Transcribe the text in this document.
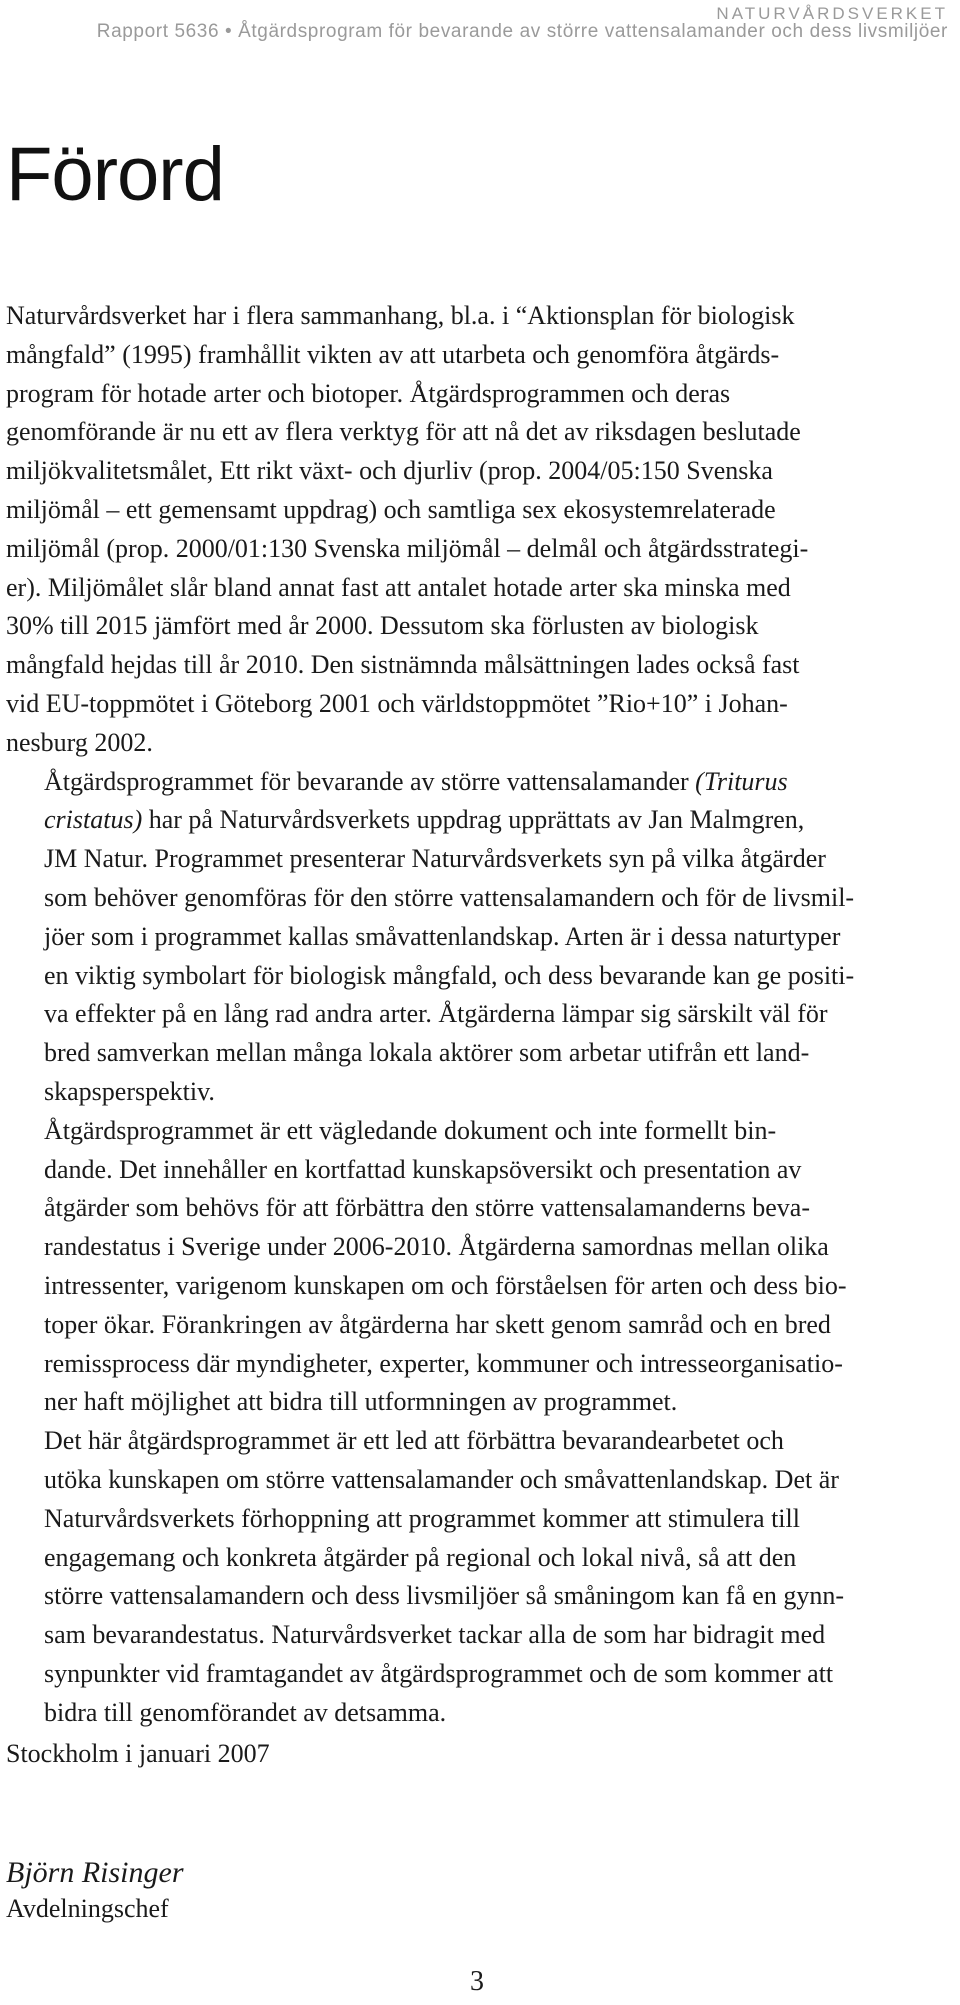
NATURVÅRDSVERKET
Rapport 5636 • Åtgärdsprogram för bevarande av större vattensalamander och dess livsmiljöer
Förord

Naturvårdsverket har i flera sammanhang, bl.a. i “Aktionsplan för biologisk
mångfald” (1995) framhållit vikten av att utarbeta och genomföra åtgärds-
program för hotade arter och biotoper. Åtgärdsprogrammen och deras
genomförande är nu ett av flera verktyg för att nå det av riksdagen beslutade
miljökvalitetsmålet, Ett rikt växt- och djurliv (prop. 2004/05:150 Svenska
miljömål – ett gemensamt uppdrag) och samtliga sex ekosystemrelaterade
miljömål (prop. 2000/01:130 Svenska miljömål – delmål och åtgärdsstrategi-
er). Miljömålet slår bland annat fast att antalet hotade arter ska minska med
30% till 2015 jämfört med år 2000. Dessutom ska förlusten av biologisk
mångfald hejdas till år 2010. Den sistnämnda målsättningen lades också fast
vid EU-toppmötet i Göteborg 2001 och världstoppmötet ”Rio+10” i Johan-
nesburg 2002.

Åtgärdsprogrammet för bevarande av större vattensalamander (Triturus
cristatus) har på Naturvårdsverkets uppdrag upprättats av Jan Malmgren,
JM Natur. Programmet presenterar Naturvårdsverkets syn på vilka åtgärder
som behöver genomföras för den större vattensalamandern och för de livsmil-
jöer som i programmet kallas småvattenlandskap. Arten är i dessa naturtyper
en viktig symbolart för biologisk mångfald, och dess bevarande kan ge positi-
va effekter på en lång rad andra arter. Åtgärderna lämpar sig särskilt väl för
bred samverkan mellan många lokala aktörer som arbetar utifrån ett land-
skapsperspektiv.

Åtgärdsprogrammet är ett vägledande dokument och inte formellt bin-
dande. Det innehåller en kortfattad kunskapsöversikt och presentation av
åtgärder som behövs för att förbättra den större vattensalamanderns beva-
randestatus i Sverige under 2006-2010. Åtgärderna samordnas mellan olika
intressenter, varigenom kunskapen om och förståelsen för arten och dess bio-
toper ökar. Förankringen av åtgärderna har skett genom samråd och en bred
remissprocess där myndigheter, experter, kommuner och intresseorganisatio-
ner haft möjlighet att bidra till utformningen av programmet.

Det här åtgärdsprogrammet är ett led att förbättra bevarandearbetet och
utöka kunskapen om större vattensalamander och småvattenlandskap. Det är
Naturvårdsverkets förhoppning att programmet kommer att stimulera till
engagemang och konkreta åtgärder på regional och lokal nivå, så att den
större vattensalamandern och dess livsmiljöer så småningom kan få en gynn-
sam bevarandestatus. Naturvårdsverket tackar alla de som har bidragit med
synpunkter vid framtagandet av åtgärdsprogrammet och de som kommer att
bidra till genomförandet av detsamma.

Stockholm i januari 2007

Björn Risinger

Avdelningschef

3
